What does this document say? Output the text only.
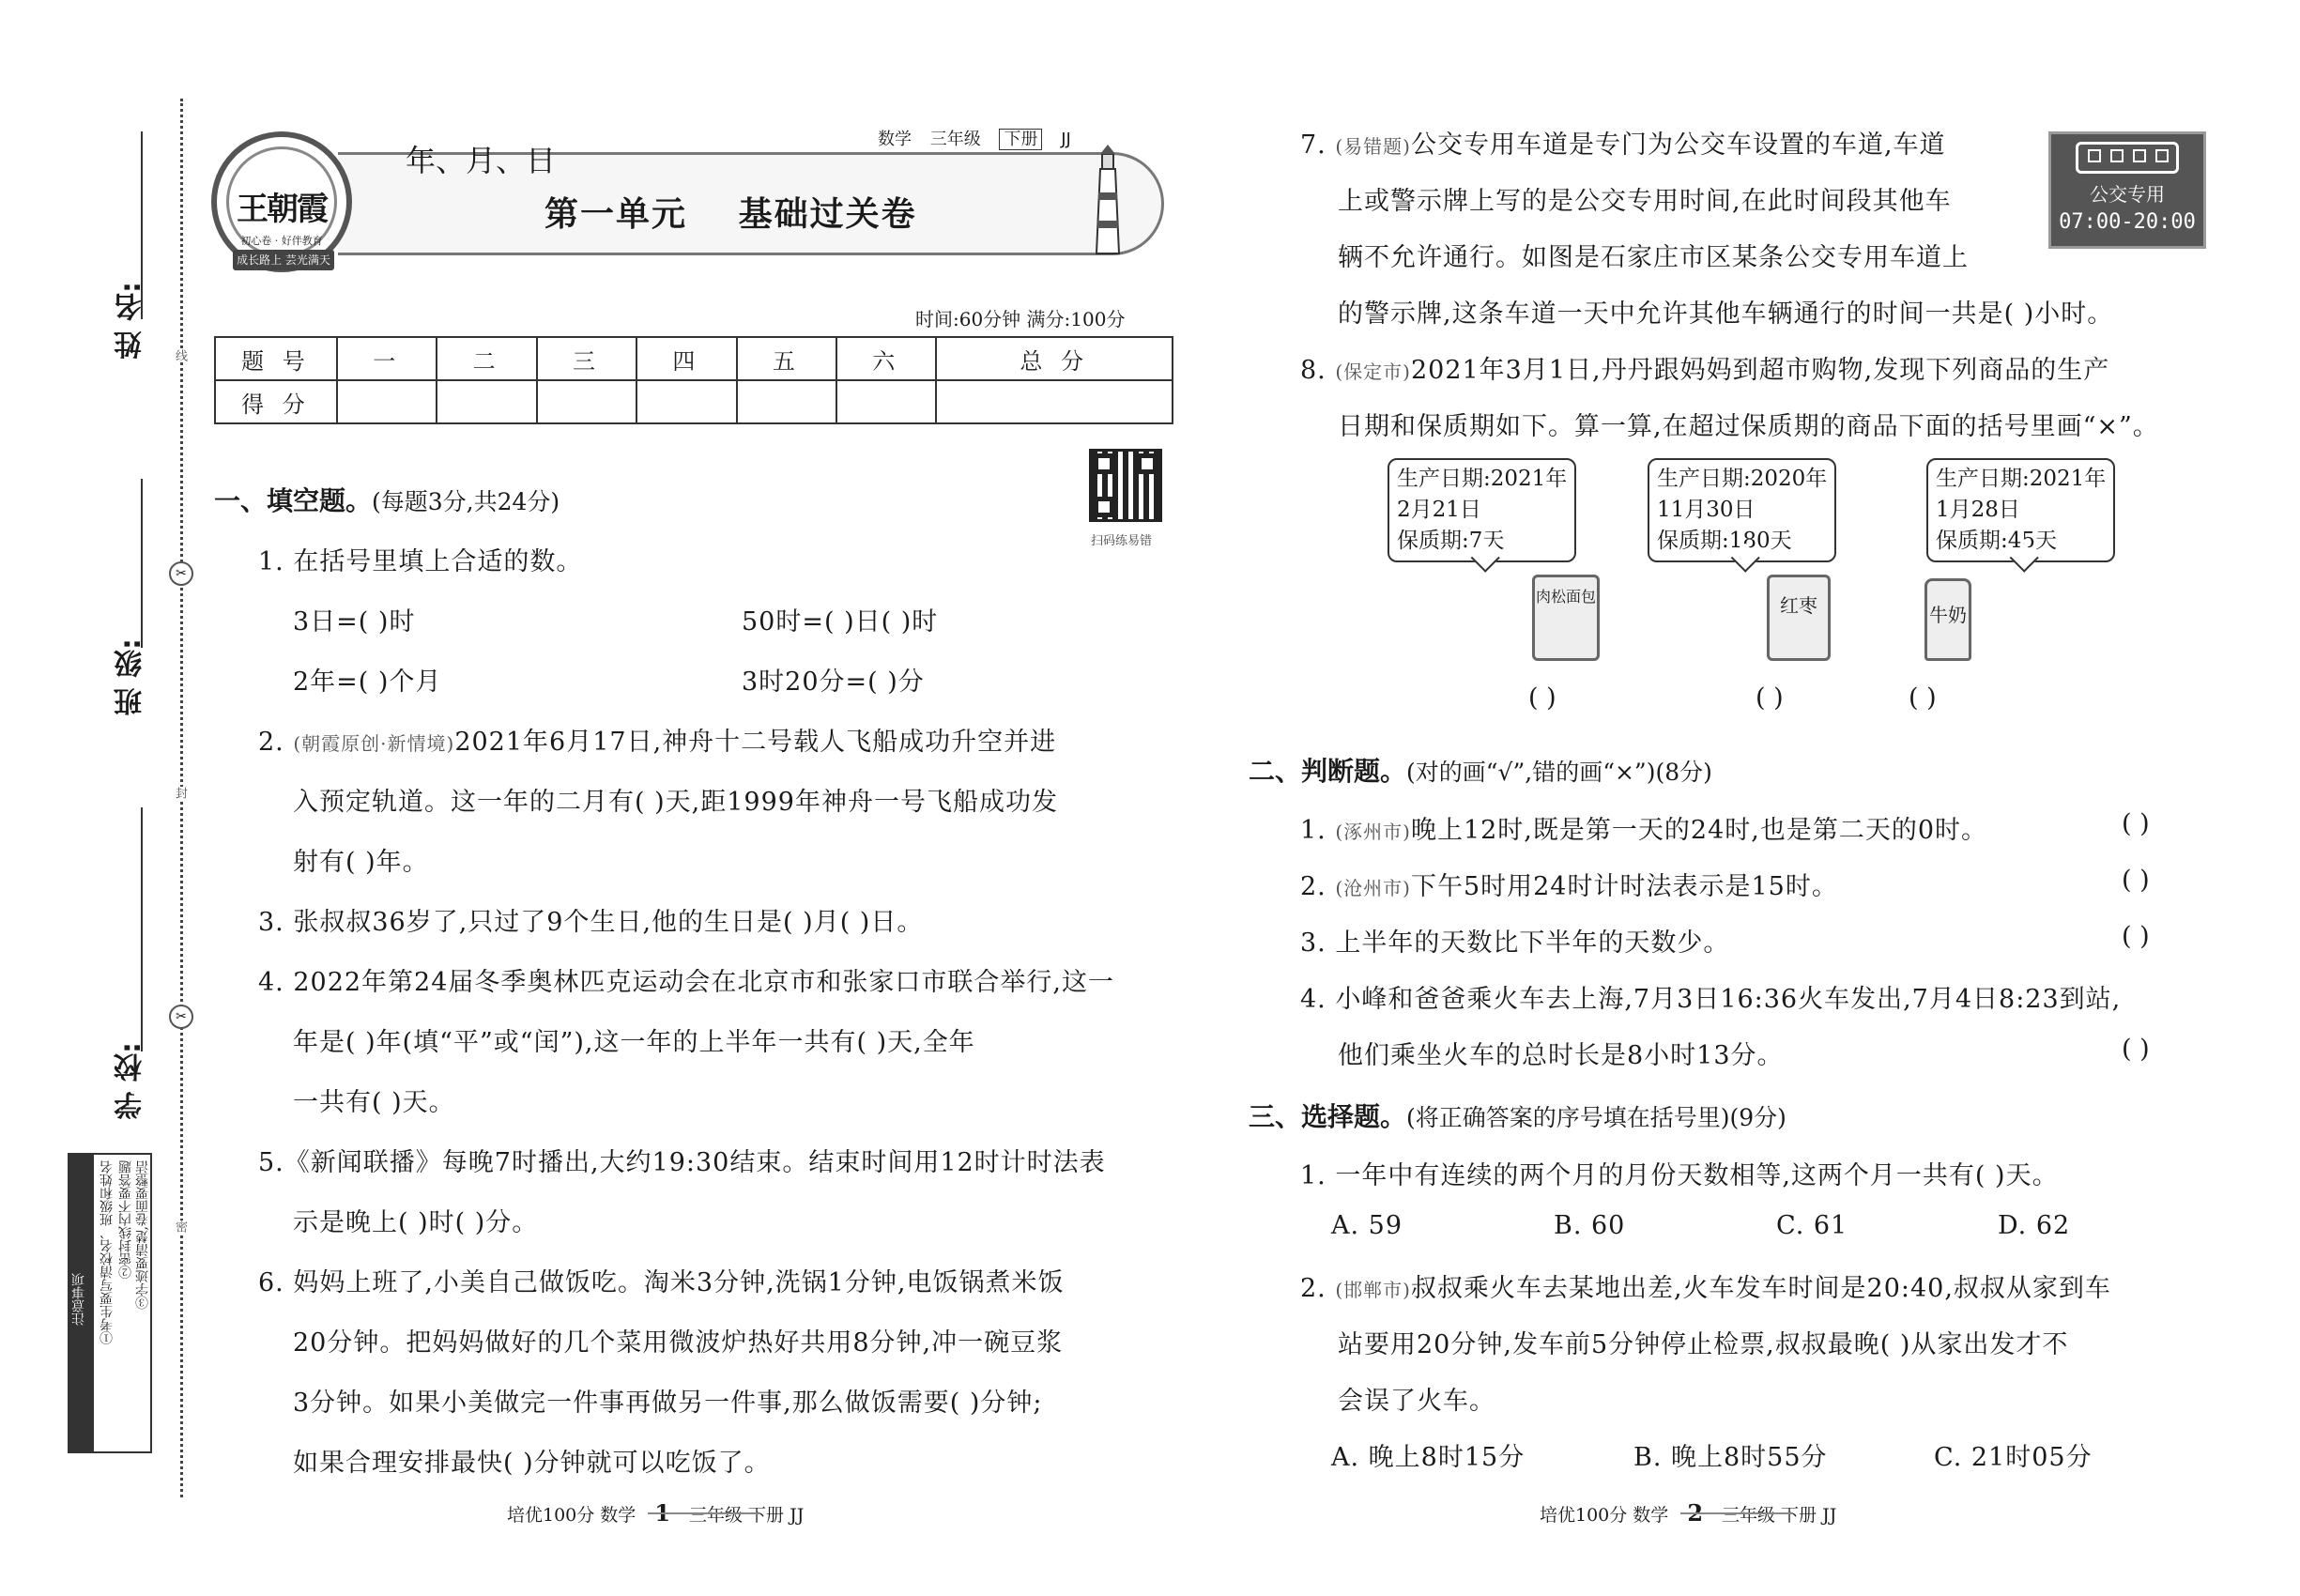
姓 名:
班 级:
学 校:
线
✂
封
✂
密
注意事项	①考生要写清校名、班级和姓名 ②密封线内不要答题 ③字迹要清楚,卷面要整洁
王朝霞
初心卷 · 好伴教育
成长路上 芸光满天
年、月、日
数学 三年级 下册 JJ
第一单元 基础过关卷
时间:60分钟 满分:100分
题 号	一	二	三	四	五	六	总 分
得 分							
扫码练易错
一、填空题。(每题3分,共24分)
1. 在括号里填上合适的数。
3日=( )时	50时=( )日( )时
2年=( )个月	3时20分=( )分
2. (朝霞原创·新情境)2021年6月17日,神舟十二号载人飞船成功升空并进
入预定轨道。这一年的二月有( )天,距1999年神舟一号飞船成功发
射有( )年。
3. 张叔叔36岁了,只过了9个生日,他的生日是( )月( )日。
4. 2022年第24届冬季奥林匹克运动会在北京市和张家口市联合举行,这一
年是( )年(填“平”或“闰”),这一年的上半年一共有( )天,全年
一共有( )天。
5.《新闻联播》每晚7时播出,大约19:30结束。结束时间用12时计时法表
示是晚上( )时( )分。
6. 妈妈上班了,小美自己做饭吃。淘米3分钟,洗锅1分钟,电饭锅煮米饭
20分钟。把妈妈做好的几个菜用微波炉热好共用8分钟,冲一碗豆浆
3分钟。如果小美做完一件事再做另一件事,那么做饭需要( )分钟;
如果合理安排最快( )分钟就可以吃饭了。
7. (易错题)公交专用车道是专门为公交车设置的车道,车道
上或警示牌上写的是公交专用时间,在此时间段其他车
辆不允许通行。如图是石家庄市区某条公交专用车道上
的警示牌,这条车道一天中允许其他车辆通行的时间一共是( )小时。
公交专用
07:00-20:00
8. (保定市)2021年3月1日,丹丹跟妈妈到超市购物,发现下列商品的生产
日期和保质期如下。算一算,在超过保质期的商品下面的括号里画“×”。
生产日期:2021年
2月21日
保质期:7天
肉松面包
( )
生产日期:2020年
11月30日
保质期:180天
红枣
( )
生产日期:2021年
1月28日
保质期:45天
牛奶
( )
二、判断题。(对的画“√”,错的画“×”)(8分)
1. (涿州市)晚上12时,既是第一天的24时,也是第二天的0时。	( )
2. (沧州市)下午5时用24时计时法表示是15时。	( )
3. 上半年的天数比下半年的天数少。	( )
4. 小峰和爸爸乘火车去上海,7月3日16:36火车发出,7月4日8:23到站,
他们乘坐火车的总时长是8小时13分。	( )
三、选择题。(将正确答案的序号填在括号里)(9分)
1. 一年中有连续的两个月的月份天数相等,这两个月一共有( )天。
A. 59	B. 60	C. 61	D. 62
2. (邯郸市)叔叔乘火车去某地出差,火车发车时间是20:40,叔叔从家到车
站要用20分钟,发车前5分钟停止检票,叔叔最晚( )从家出发才不
会误了火车。
A. 晚上8时15分	B. 晚上8时55分	C. 21时05分
培优100分 数学 1 三年级 下册 JJ	培优100分 数学 2 三年级 下册 JJ
